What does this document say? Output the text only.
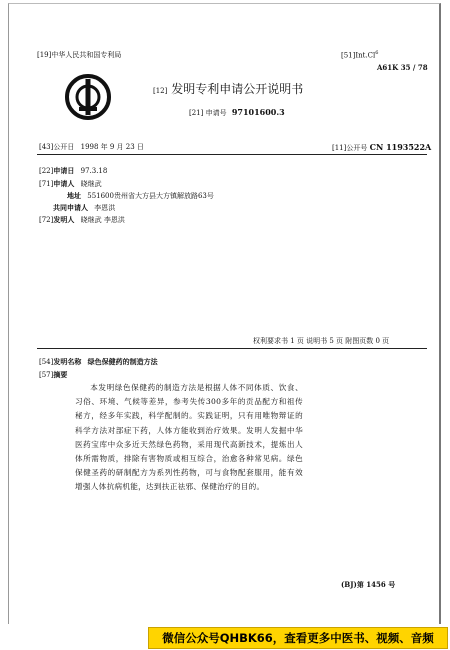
[19]中华人民共和国专利局	[51]Int.Cl$^6$
A61K 35 / 78
[12] 发明专利申请公开说明书
[21] 申请号 97101600.3
[43]公开日 1998 年 9 月 23 日	[11]公开号 CN 1193522A
[22]申请日 97.3.18
[71]申请人 晓继武
地址 551600贵州省大方县大方镇解放路63号
共同申请人 李恩洪
[72]发明人 晓继武 李恩洪
权利要求书 1 页 说明书 5 页 附图页数 0 页
[54]发明名称 绿色保健药的制造方法
[57]摘要
本发明绿色保健药的制造方法是根据人体不同体质、饮食、习俗、环境、气候等差异，参考失传300多年的贡品配方和祖传秘方，经多年实践，科学配制的。实践证明，只有用唯物辩证的科学方法对部症下药，人体方能收到治疗效果。发明人发掘中华医药宝库中众多近天然绿色药物，采用现代高新技术，提炼出人体所需物质，排除有害物质或相互综合，治愈各种常见病。绿色保健圣药的研制配方为系列性药物，可与食物配套服用，能有效增强人体抗病机能，达到扶正祛邪、保健治疗的目的。
(BJ)第 1456 号
微信公众号QHBK66，查看更多中医书、视频、音频
